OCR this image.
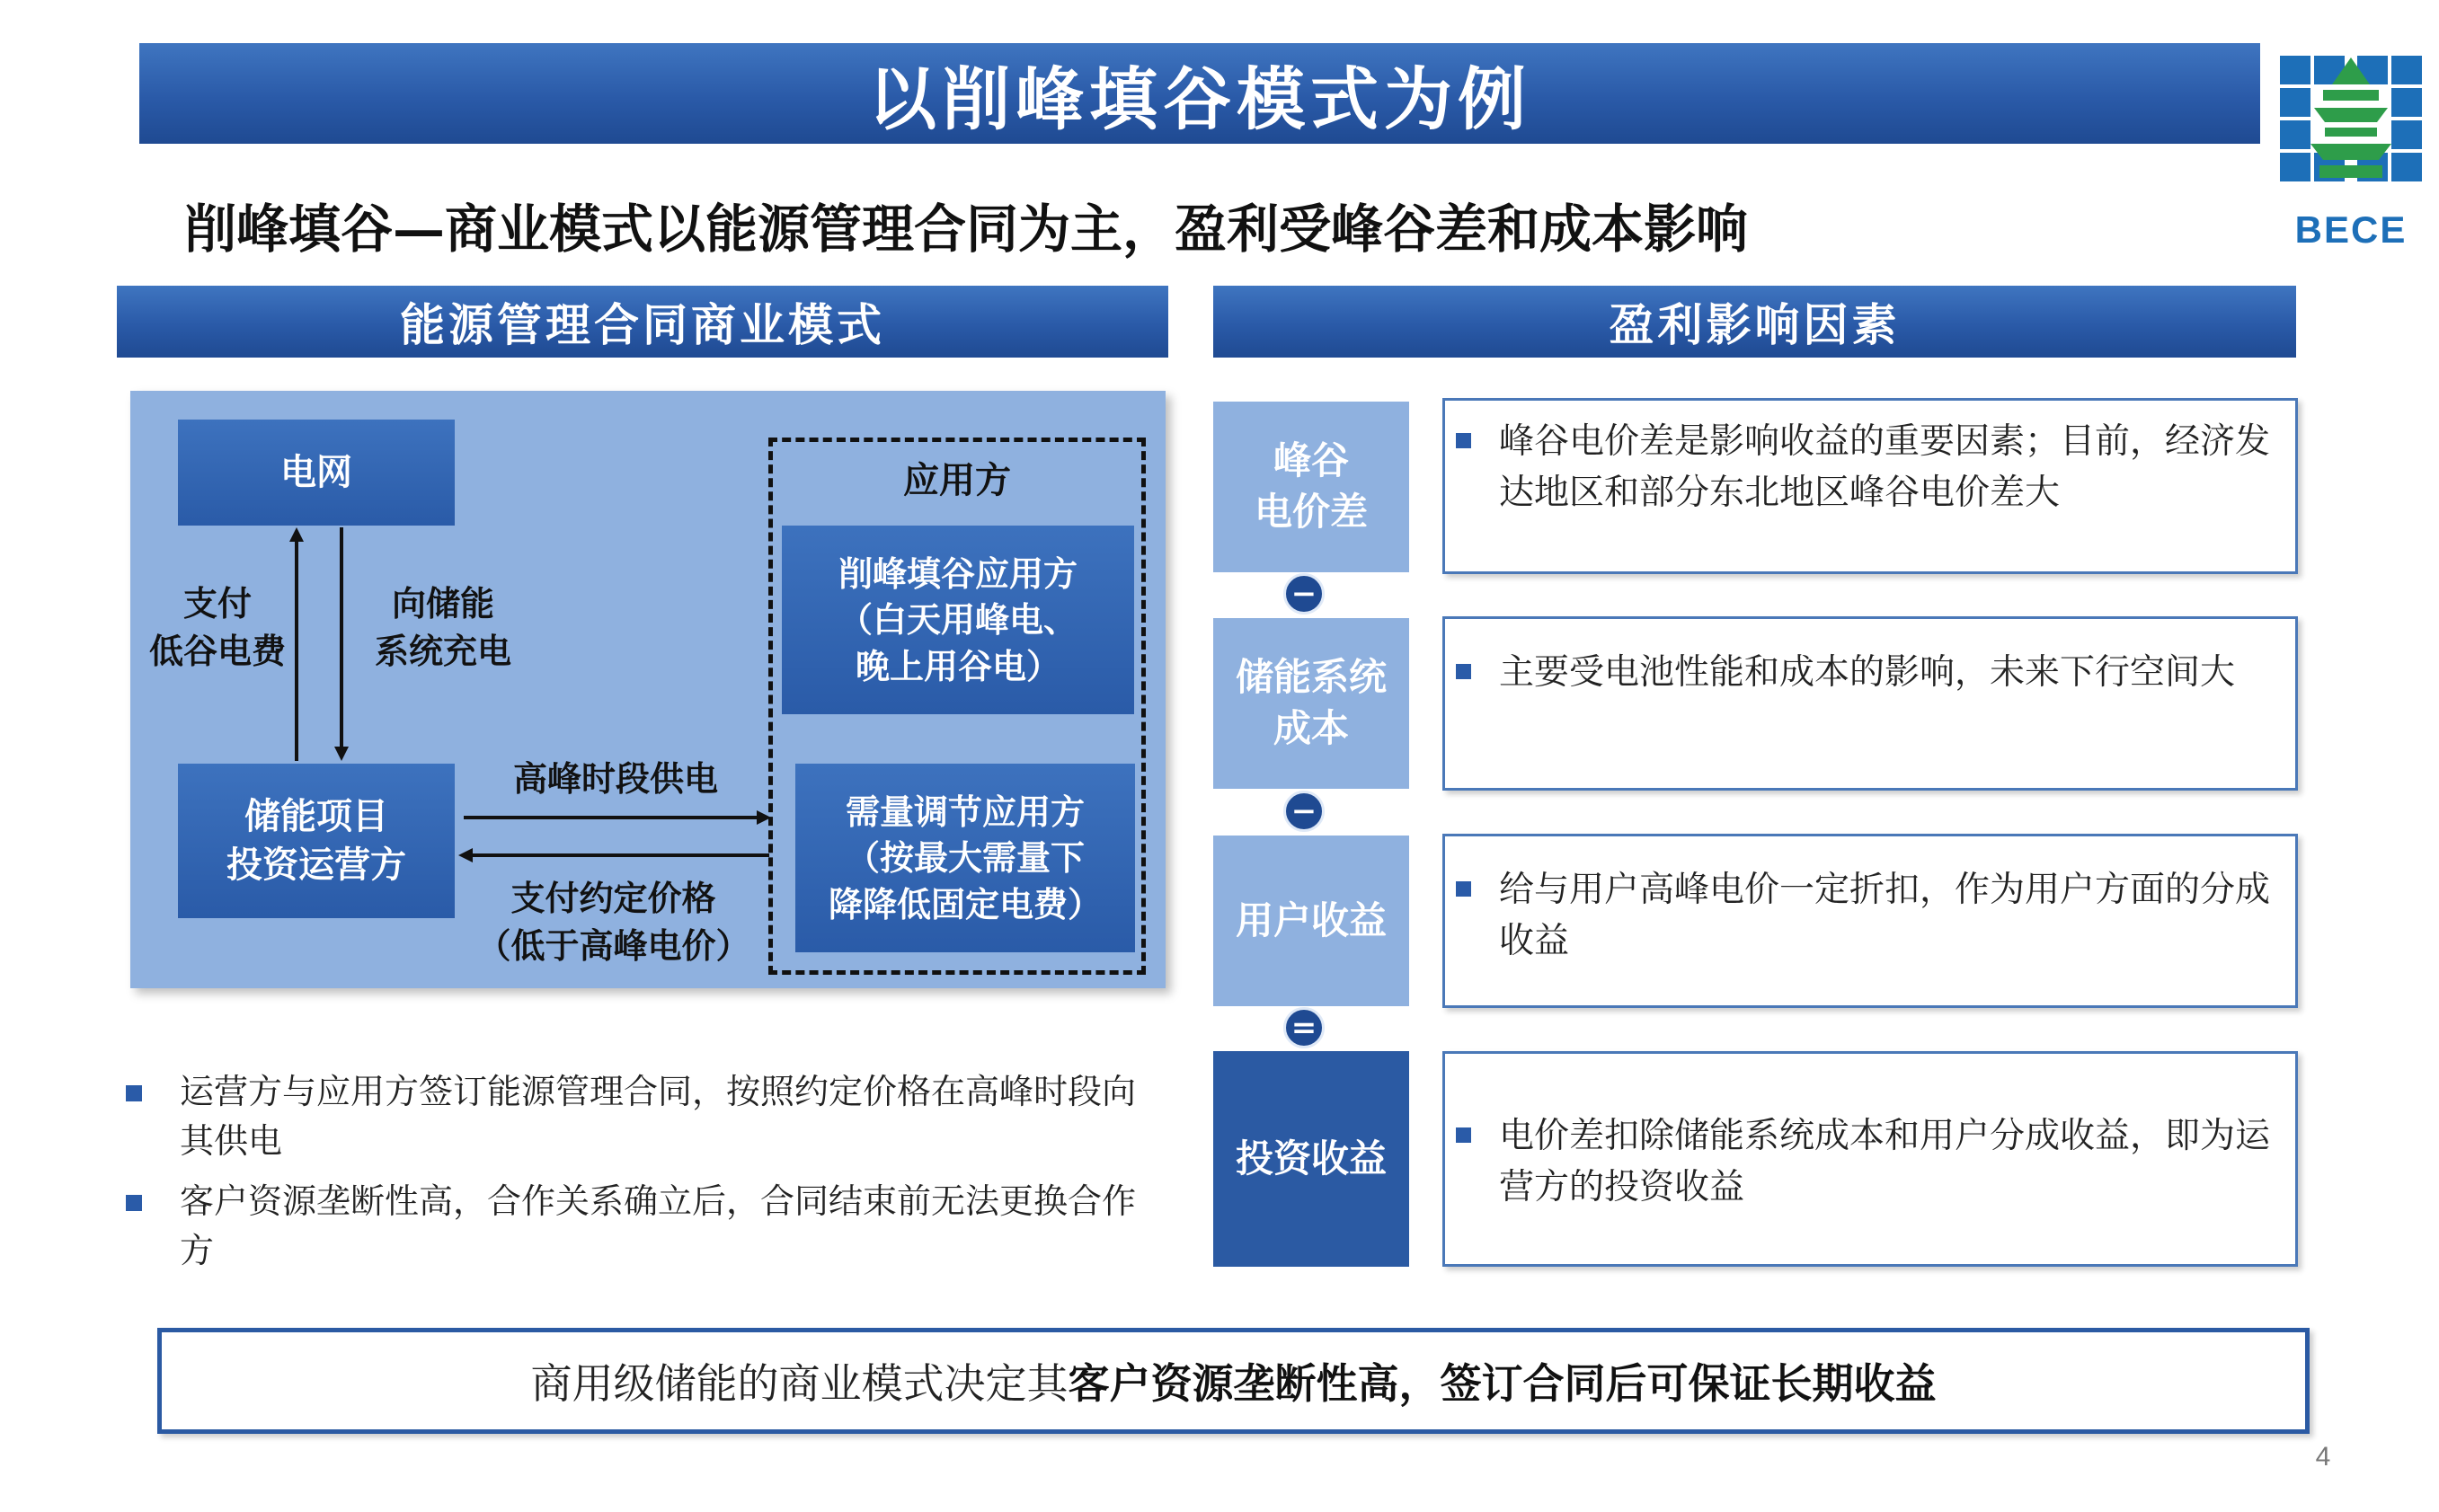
BECE
以削峰填谷模式为例
削峰填谷—商业模式以能源管理合同为主，盈利受峰谷差和成本影响
能源管理合同商业模式	盈利影响因素
电网
支付
低谷电费
向储能
系统充电
储能项目
投资运营方
高峰时段供电
支付约定价格
（低于高峰电价）
应用方
削峰填谷应用方
（白天用峰电、
晚上用谷电）
需量调节应用方
（按最大需量下
降降低固定电费）
运营方与应用方签订能源管理合同，按照约定价格在高峰时段向其供电
客户资源垄断性高，合作关系确立后，合同结束前无法更换合作方
峰谷
电价差
峰谷电价差是影响收益的重要因素；目前，经济发达地区和部分东北地区峰谷电价差大
−
储能系统
成本
主要受电池性能和成本的影响，未来下行空间大
−
用户收益
给与用户高峰电价一定折扣，作为用户方面的分成收益
=
投资收益
电价差扣除储能系统成本和用户分成收益，即为运营方的投资收益
商用级储能的商业模式决定其 客户资源垄断性高，签订合同后可保证长期收益
4
